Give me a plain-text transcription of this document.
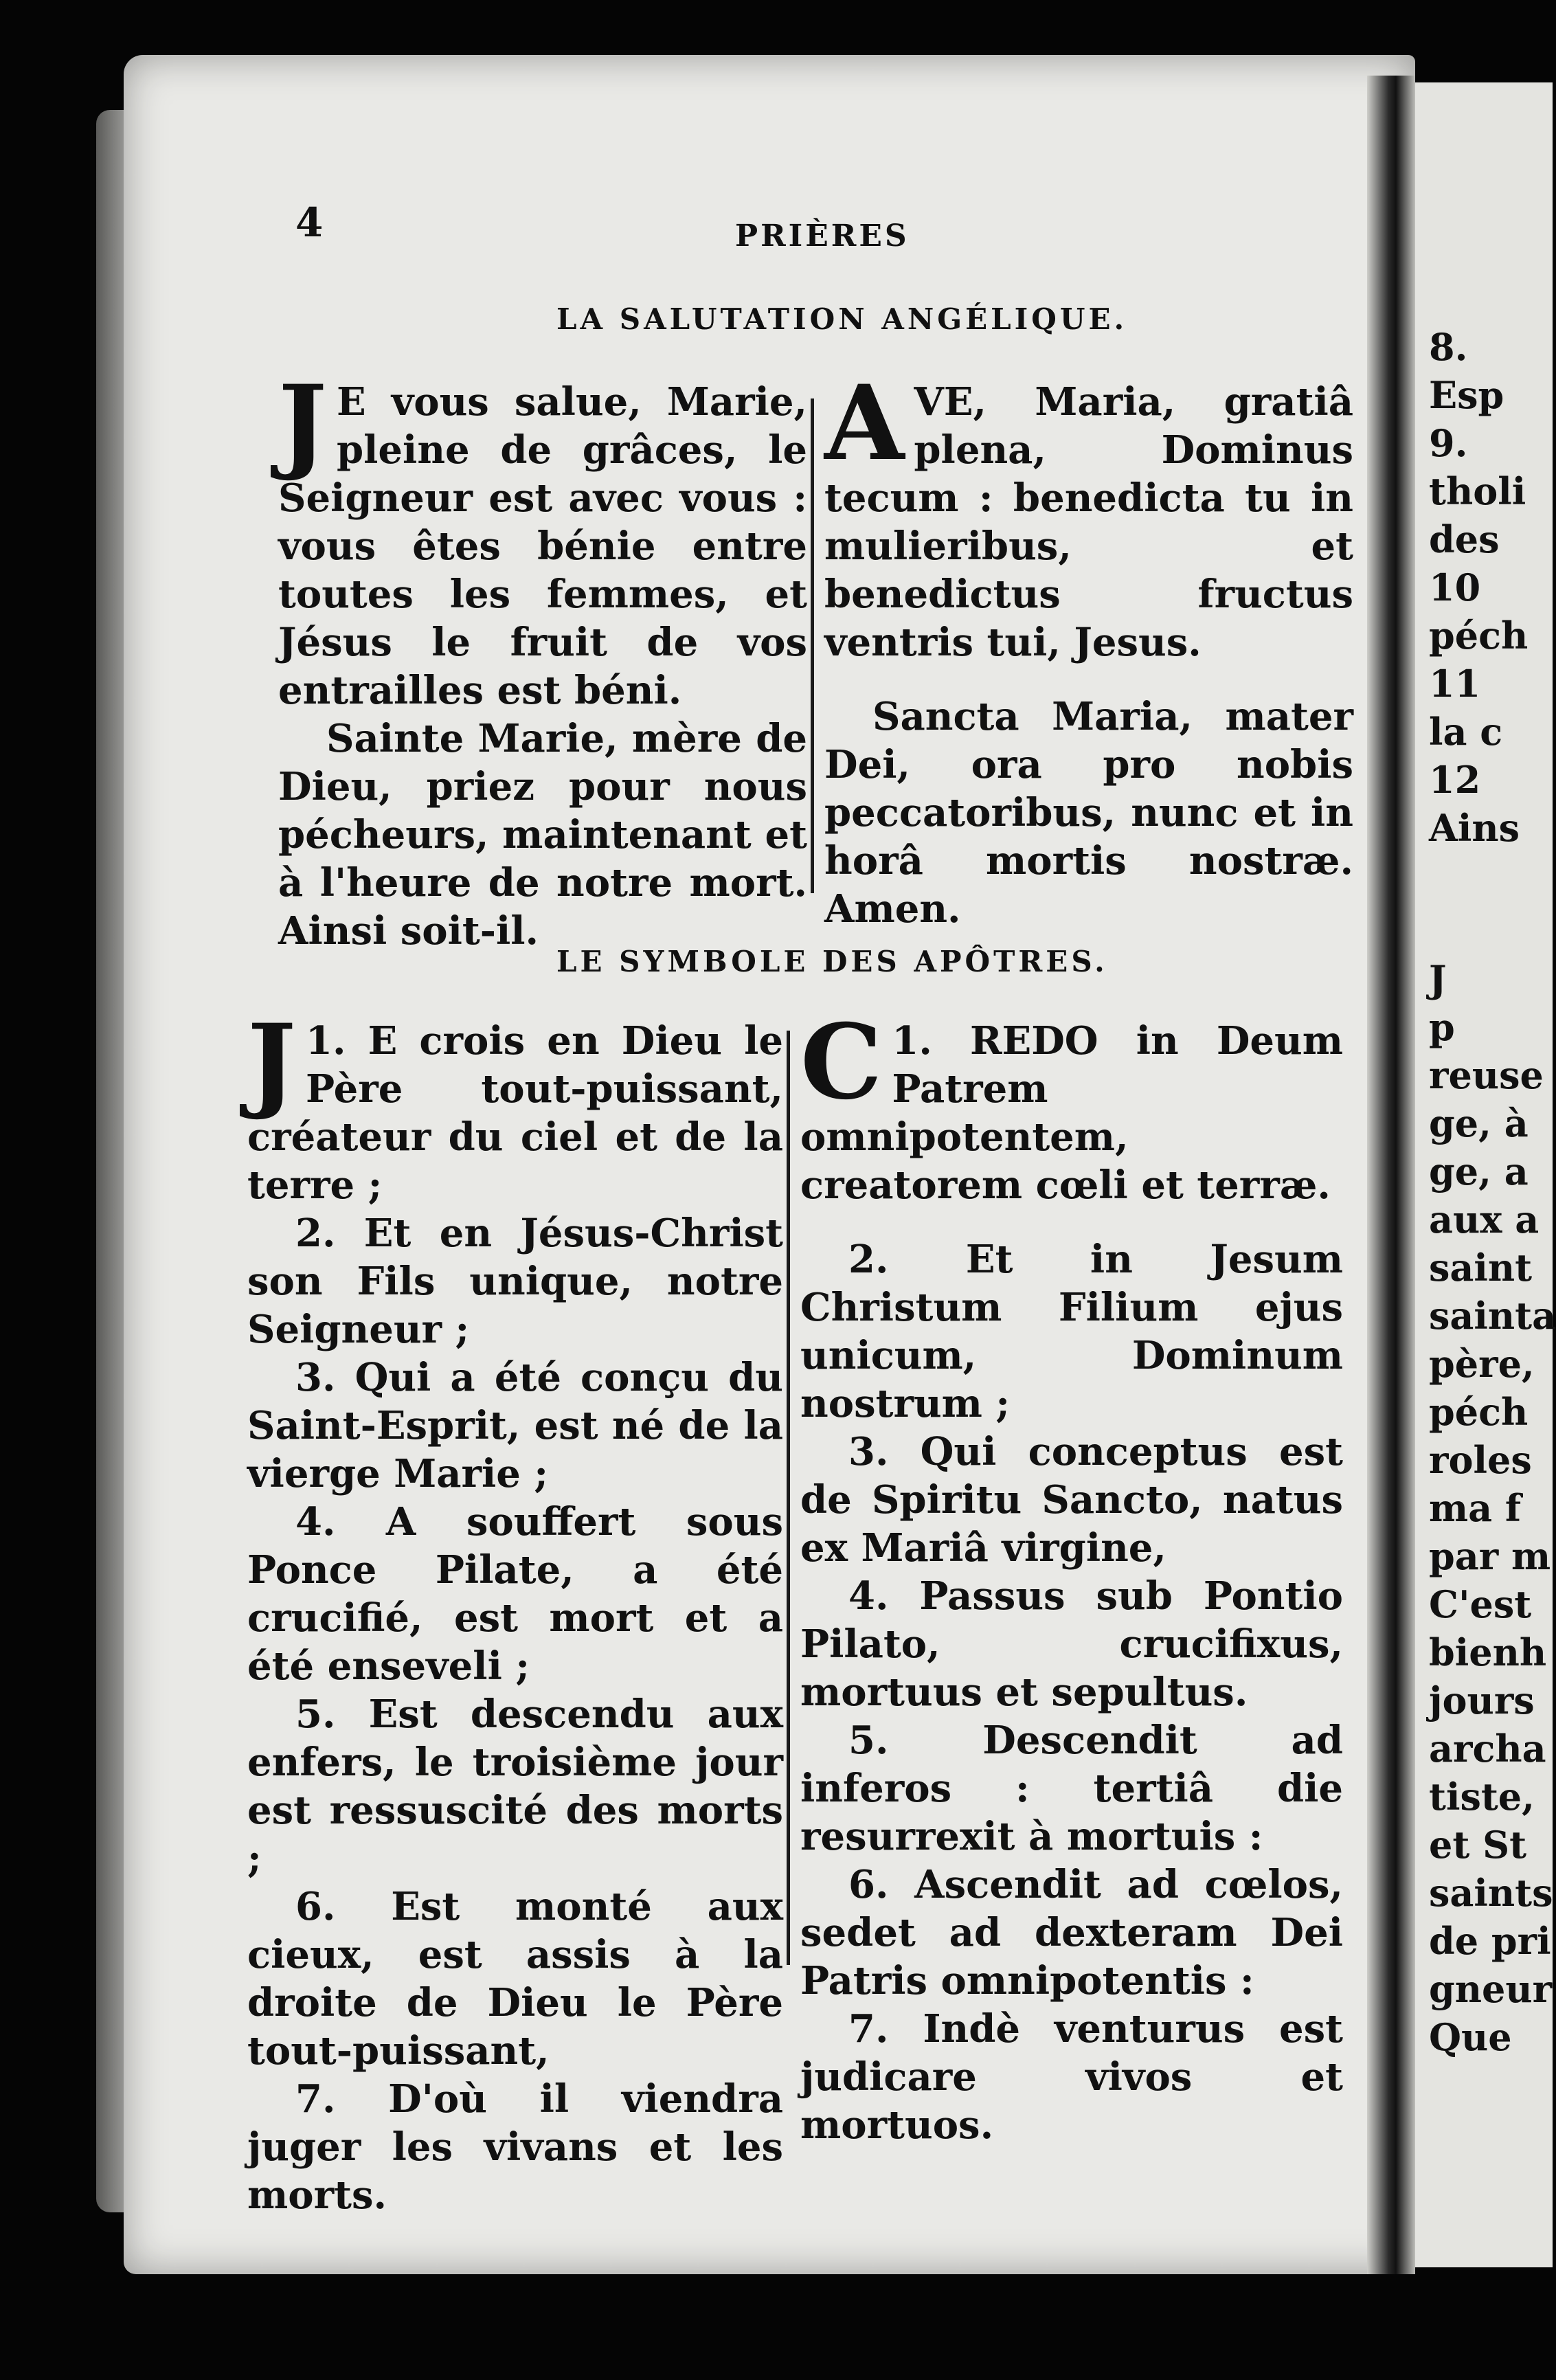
4	PRIÈRES
LA SALUTATION ANGÉLIQUE.

J E vous salue, Marie, pleine de grâces, le Seigneur est avec vous : vous êtes bénie entre toutes les femmes, et Jésus le fruit de vos entrailles est béni.

Sainte Marie, mère de Dieu, priez pour nous pécheurs, maintenant et à l'heure de notre mort. Ainsi soit-il.

AVE, Maria, gratiâ plena, Dominus tecum : benedicta tu in mulieribus, et benedictus fructus ventris tui, Jesus.

Sancta Maria, mater Dei, ora pro nobis peccatoribus, nunc et in horâ mortis nostræ. Amen.

LE SYMBOLE DES APÔTRES.

1.
J E crois en Dieu le Père tout-puissant, créateur du ciel et de la terre ;

2. Et en Jésus-Christ son Fils unique, notre Seigneur ;

3. Qui a été conçu du Saint-Esprit, est né de la vierge Marie ;

4. A souffert sous Ponce Pilate, a été crucifié, est mort et a été enseveli ;

5. Est descendu aux enfers, le troisième jour est ressuscité des morts ;

6. Est monté aux cieux, est assis à la droite de Dieu le Père tout-puissant,

7. D'où il viendra juger les vivans et les morts.

1.
C REDO in Deum Patrem omnipotentem, creatorem cœli et terræ.

2. Et in Jesum Christum Filium ejus unicum, Dominum nostrum ;

3. Qui conceptus est de Spiritu Sancto, natus ex Mariâ virgine,

4. Passus sub Pontio Pilato, crucifixus, mortuus et sepultus.

5. Descendit ad inferos : tertiâ die resurrexit à mortuis :

6. Ascendit ad cœlos, sedet ad dexteram Dei Patris omnipotentis :

7. Indè venturus est judicare vivos et mortuos.

8.
Esp
9.
tholi
des
10
péch
11
la c
12
Ains
J
p
reuse
ge, à
ge, a
aux a
saint
sainta
père,
péch
roles
ma f
par m
C'est
bienh
jours
archa
tiste,
et St
saints
de pri
gneur
Que
